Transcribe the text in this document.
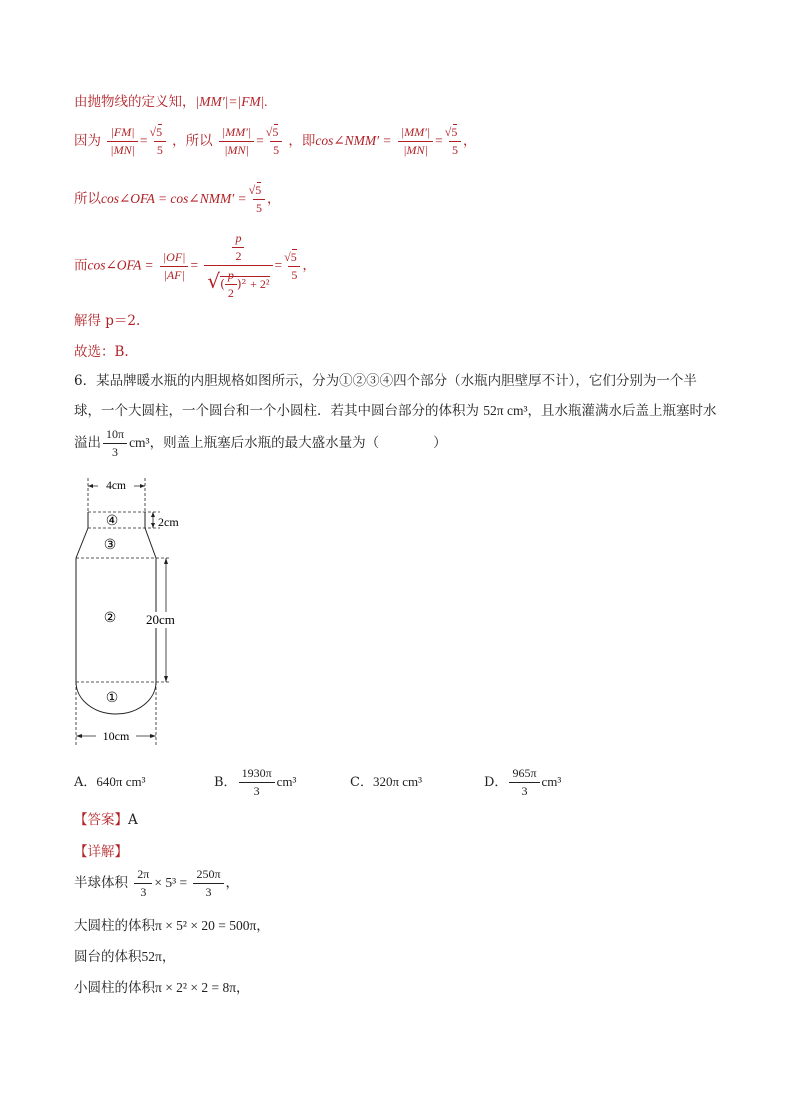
由抛物线的定义知，|MM′|=|FM|.
因为 $\frac{|FM|}{|MN|}$ = √ $\frac{5}{5}$ ，所以 $\frac{|MM'|}{|MN|}$ = √ $\frac{5}{5}$ ，即cos∠NMM′ = $\frac{|MM'|}{|MN|}$ = √ $\frac{5}{5}$ ，
所以cos∠OFA = cos∠NMM′ = √ $\frac{5}{5}$ ，
而cos∠OFA = $\frac{|OF|}{|AF|} = \frac{\frac{p}{2}}{√( \frac{p}{2} )^2 + 2^2}$ = √ $\frac{5}{5}$ ，
解得 p＝2.
故选：B.
6．某品牌暖水瓶的内胆规格如图所示，分为①②③④四个部分（水瓶内胆壁厚不计），它们分别为一个半球，一个大圆柱，一个圆台和一个小圆柱．若其中圆台部分的体积为 52π cm³，且水瓶灌满水后盖上瓶塞时水溢出 $\frac{10\pi}{3} cm^3$，则盖上瓶塞后水瓶的最大盛水量为（　　　　）
4cm
④	2cm
③
② 20cm
①
10cm
A．640π cm³	B． $\frac{1930\pi}{3} cm^3$	C．320π cm³	D． $\frac{965\pi}{3} cm^3$
【答案】A
【详解】
半球体积 $\frac{2\pi}{3} \times 5^3 = \frac{250\pi}{3}$ ，
大圆柱的体积π × 5² × 20 = 500π，
圆台的体积52π，
小圆柱的体积π × 2² × 2 = 8π，
